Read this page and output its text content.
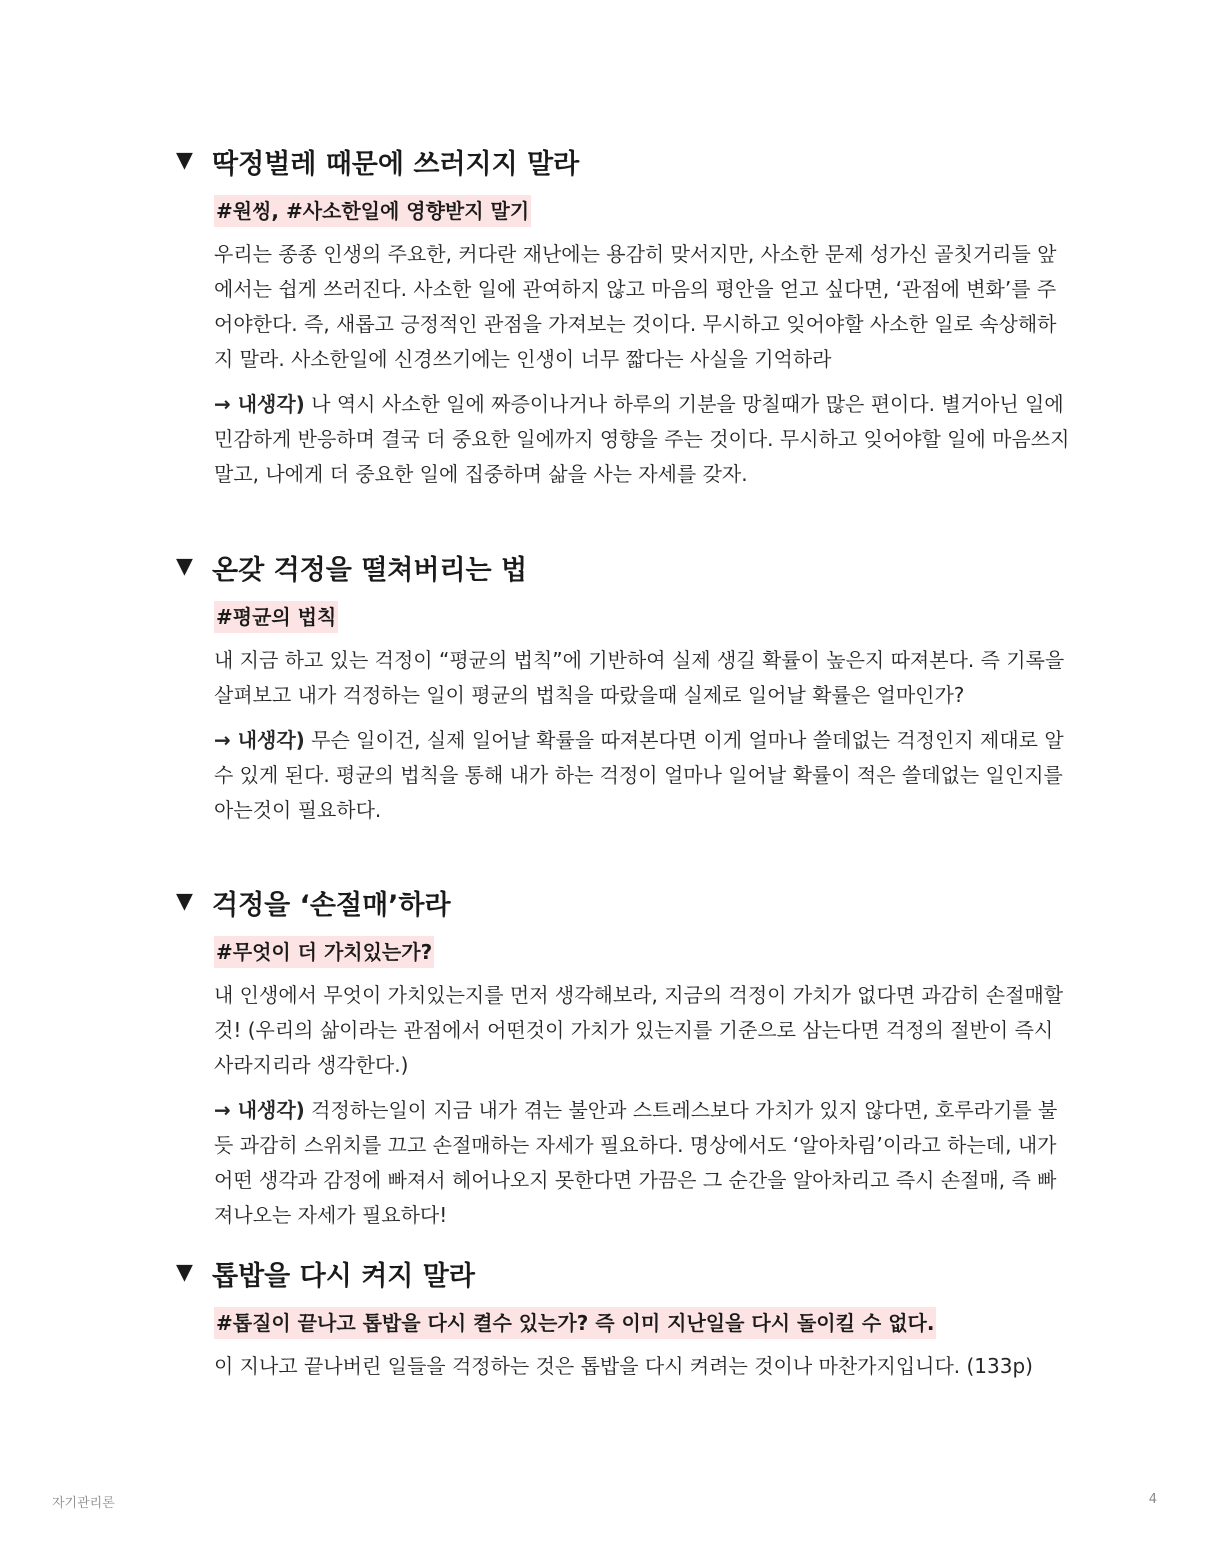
▼ 딱정벌레 때문에 쓰러지지 말라
#원씽, #사소한일에 영향받지 말기

우리는 종종 인생의 주요한, 커다란 재난에는 용감히 맞서지만, 사소한 문제 성가신 골칫거리들 앞에서는 쉽게 쓰러진다. 사소한 일에 관여하지 않고 마음의 평안을 얻고 싶다면, ‘관점에 변화’를 주어야한다. 즉, 새롭고 긍정적인 관점을 가져보는 것이다. 무시하고 잊어야할 사소한 일로 속상해하지 말라. 사소한일에 신경쓰기에는 인생이 너무 짧다는 사실을 기억하라

→ 내생각) 나 역시 사소한 일에 짜증이나거나 하루의 기분을 망칠때가 많은 편이다. 별거아닌 일에 민감하게 반응하며 결국 더 중요한 일에까지 영향을 주는 것이다. 무시하고 잊어야할 일에 마음쓰지 말고, 나에게 더 중요한 일에 집중하며 삶을 사는 자세를 갖자.

▼ 온갖 걱정을 떨쳐버리는 법
#평균의 법칙

내 지금 하고 있는 걱정이 “평균의 법칙”에 기반하여 실제 생길 확률이 높은지 따져본다. 즉 기록을 살펴보고 내가 걱정하는 일이 평균의 법칙을 따랐을때 실제로 일어날 확률은 얼마인가?

→ 내생각) 무슨 일이건, 실제 일어날 확률을 따져본다면 이게 얼마나 쓸데없는 걱정인지 제대로 알 수 있게 된다. 평균의 법칙을 통해 내가 하는 걱정이 얼마나 일어날 확률이 적은 쓸데없는 일인지를 아는것이 필요하다.

▼ 걱정을 ‘손절매’하라
#무엇이 더 가치있는가?

내 인생에서 무엇이 가치있는지를 먼저 생각해보라, 지금의 걱정이 가치가 없다면 과감히 손절매할 것! (우리의 삶이라는 관점에서 어떤것이 가치가 있는지를 기준으로 삼는다면 걱정의 절반이 즉시 사라지리라 생각한다.)

→ 내생각) 걱정하는일이 지금 내가 겪는 불안과 스트레스보다 가치가 있지 않다면, 호루라기를 불듯 과감히 스위치를 끄고 손절매하는 자세가 필요하다. 명상에서도 ‘알아차림’이라고 하는데, 내가 어떤 생각과 감정에 빠져서 헤어나오지 못한다면 가끔은 그 순간을 알아차리고 즉시 손절매, 즉 빠져나오는 자세가 필요하다!

▼ 톱밥을 다시 켜지 말라
#톱질이 끝나고 톱밥을 다시 켤수 있는가? 즉 이미 지난일을 다시 돌이킬 수 없다.

이 지나고 끝나버린 일들을 걱정하는 것은 톱밥을 다시 켜려는 것이나 마찬가지입니다. (133p)

자기관리론	4
